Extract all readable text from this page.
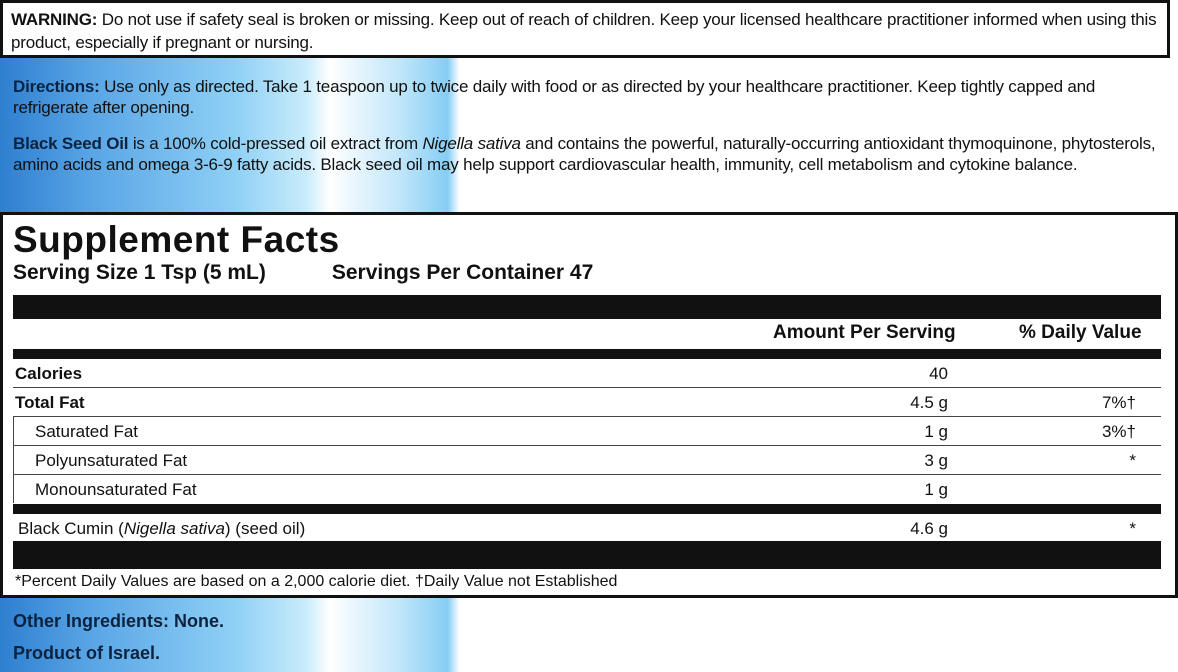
WARNING: Do not use if safety seal is broken or missing. Keep out of reach of children. Keep your licensed healthcare practitioner informed when using this product, especially if pregnant or nursing.
Directions: Use only as directed. Take 1 teaspoon up to twice daily with food or as directed by your healthcare practitioner. Keep tightly capped and refrigerate after opening.
Black Seed Oil is a 100% cold-pressed oil extract from Nigella sativa and contains the powerful, naturally-occurring antioxidant thymoquinone, phytosterols, amino acids and omega 3-6-9 fatty acids. Black seed oil may help support cardiovascular health, immunity, cell metabolism and cytokine balance.
Supplement Facts
Serving Size 1 Tsp (5 mL)	Servings Per Container 47
Amount Per Serving	% Daily Value
Calories	40
Total Fat	4.5 g	7%†
Saturated Fat	1 g	3%†
Polyunsaturated Fat	3 g	*
Monounsaturated Fat	1 g
Black Cumin (Nigella sativa) (seed oil)	4.6 g	*
*Percent Daily Values are based on a 2,000 calorie diet. †Daily Value not Established
Other Ingredients: None.
Product of Israel.
